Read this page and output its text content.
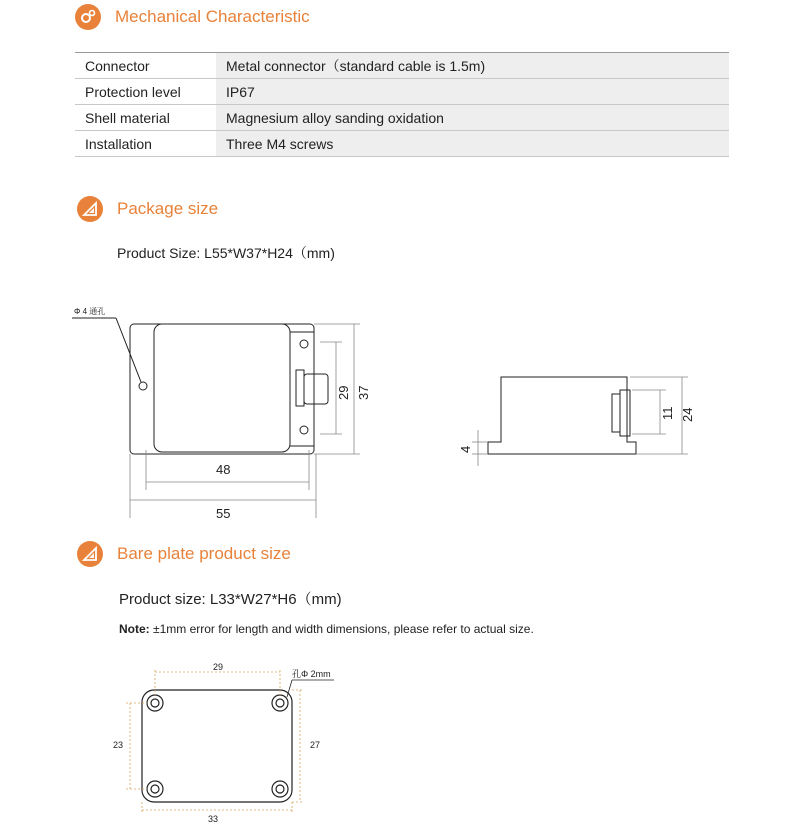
Mechanical Characteristic
Connector	Metal connector（standard cable is 1.5m)
Protection level	IP67
Shell material	Magnesium alloy sanding oxidation
Installation	Three M4 screws
Package size
Product Size: L55*W37*H24（mm)
Φ 4 通孔
48
55
29 37
11 24
4
Bare plate product size
Product size: L33*W27*H6（mm)
Note: ±1mm error for length and width dimensions, please refer to actual size.
29
孔Φ 2mm
23	27
33
